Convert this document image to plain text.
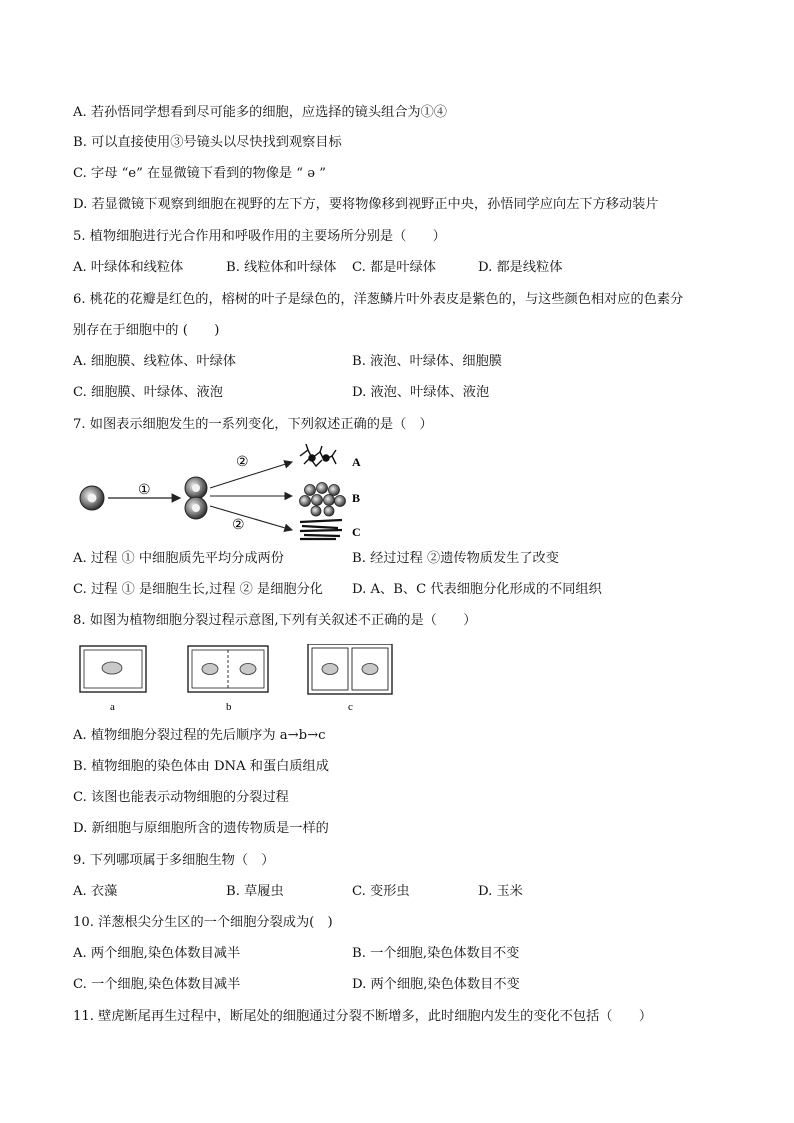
A. 若孙悟同学想看到尽可能多的细胞，应选择的镜头组合为①④
B. 可以直接使用③号镜头以尽快找到观察目标
C. 字母 “e” 在显微镜下看到的物像是 “ ə ”
D. 若显微镜下观察到细胞在视野的左下方，要将物像移到视野正中央，孙悟同学应向左下方移动装片
5. 植物细胞进行光合作用和呼吸作用的主要场所分别是（　　）
A. 叶绿体和线粒体	B. 线粒体和叶绿体 C. 都是叶绿体	D. 都是线粒体
6. 桃花的花瓣是红色的，榕树的叶子是绿色的，洋葱鳞片叶外表皮是紫色的，与这些颜色相对应的色素分
别存在于细胞中的 (　　)
A. 细胞膜、线粒体、叶绿体	B. 液泡、叶绿体、细胞膜
C. 细胞膜、叶绿体、液泡	D. 液泡、叶绿体、液泡
7. 如图表示细胞发生的一系列变化，下列叙述正确的是（　）
①
②
②
A
B
C
A. 过程 ① 中细胞质先平均分成两份	B. 经过过程 ②遗传物质发生了改变
C. 过程 ① 是细胞生长,过程 ② 是细胞分化 D. A、B、C 代表细胞分化形成的不同组织
8. 如图为植物细胞分裂过程示意图,下列有关叙述不正确的是（　　）
a	b	c
A. 植物细胞分裂过程的先后顺序为 a→b→c
B. 植物细胞的染色体由 DNA 和蛋白质组成
C. 该图也能表示动物细胞的分裂过程
D. 新细胞与原细胞所含的遗传物质是一样的
9. 下列哪项属于多细胞生物（　）
A. 衣藻	B. 草履虫	C. 变形虫	D. 玉米
10. 洋葱根尖分生区的一个细胞分裂成为(　)
A. 两个细胞,染色体数目减半	B. 一个细胞,染色体数目不变
C. 一个细胞,染色体数目减半	D. 两个细胞,染色体数目不变
11. 壁虎断尾再生过程中，断尾处的细胞通过分裂不断增多，此时细胞内发生的变化不包括（　　）
